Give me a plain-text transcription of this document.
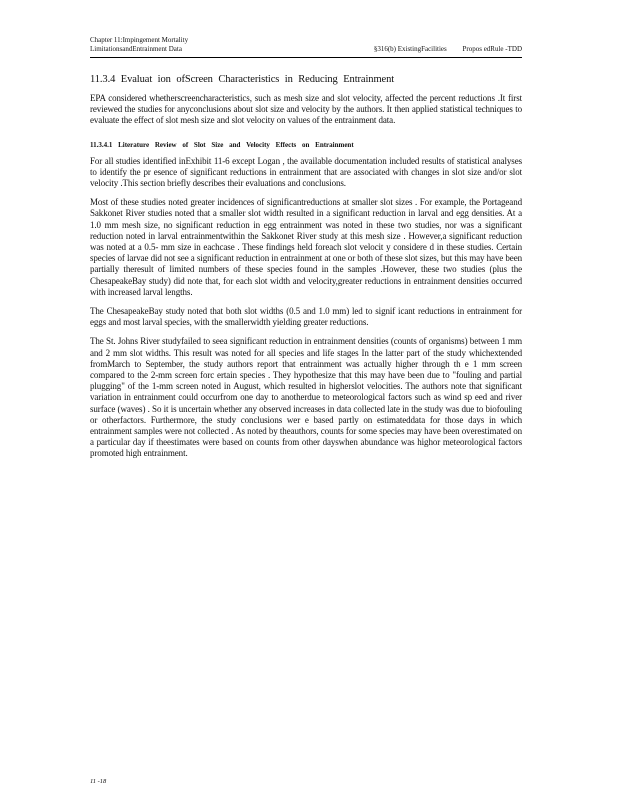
Chapter 11:Impingement Mortality
LimitationsandEntrainment Data	§316(b) ExistingFacilities Propos edRule -TDD
11.3.4 Evaluat ion ofScreen Characteristics in Reducing Entrainment

EPA considered whetherscreencharacteristics, such as mesh size and slot velocity, affected the percent reductions .It first reviewed the studies for anyconclusions about slot size and velocity by the authors. It then applied statistical techniques to evaluate the effect of slot mesh size and slot velocity on values of the entrainment data.

11.3.4.1 Literature Review of Slot Size and Velocity Effects on Entrainment

For all studies identified inExhibit 11-6 except Logan , the available documentation included results of statistical analyses to identify the pr esence of significant reductions in entrainment that are associated with changes in slot size and/or slot velocity .This section briefly describes their evaluations and conclusions.

Most of these studies noted greater incidences of significantreductions at smaller slot sizes . For example, the Portageand Sakkonet River studies noted that a smaller slot width resulted in a significant reduction in larval and egg densities. At a 1.0 mm mesh size, no significant reduction in egg entrainment was noted in these two studies, nor was a significant reduction noted in larval entrainmentwithin the Sakkonet River study at this mesh size . However,a significant reduction was noted at a 0.5- mm size in eachcase . These findings held foreach slot velocit y considere d in these studies. Certain species of larvae did not see a significant reduction in entrainment at one or both of these slot sizes, but this may have been partially theresult of limited numbers of these species found in the samples .However, these two studies (plus the ChesapeakeBay study) did note that, for each slot width and velocity,greater reductions in entrainment densities occurred with increased larval lengths.

The ChesapeakeBay study noted that both slot widths (0.5 and 1.0 mm) led to signif icant reductions in entrainment for eggs and most larval species, with the smallerwidth yielding greater reductions.

The St. Johns River studyfailed to seea significant reduction in entrainment densities (counts of organisms) between 1 mm and 2 mm slot widths. This result was noted for all species and life stages In the latter part of the study whichextended fromMarch to September, the study authors report that entrainment was actually higher through th e 1 mm screen compared to the 2-mm screen forc ertain species . They hypothesize that this may have been due to "fouling and partial plugging" of the 1-mm screen noted in August, which resulted in higherslot velocities. The authors note that significant variation in entrainment could occurfrom one day to anotherdue to meteorological factors such as wind sp eed and river surface (waves) . So it is uncertain whether any observed increases in data collected late in the study was due to biofouling or otherfactors. Furthermore, the study conclusions wer e based partly on estimateddata for those days in which entrainment samples were not collected . As noted by theauthors, counts for some species may have been overestimated on a particular day if theestimates were based on counts from other dayswhen abundance was highor meteorological factors promoted high entrainment.

11 -18
